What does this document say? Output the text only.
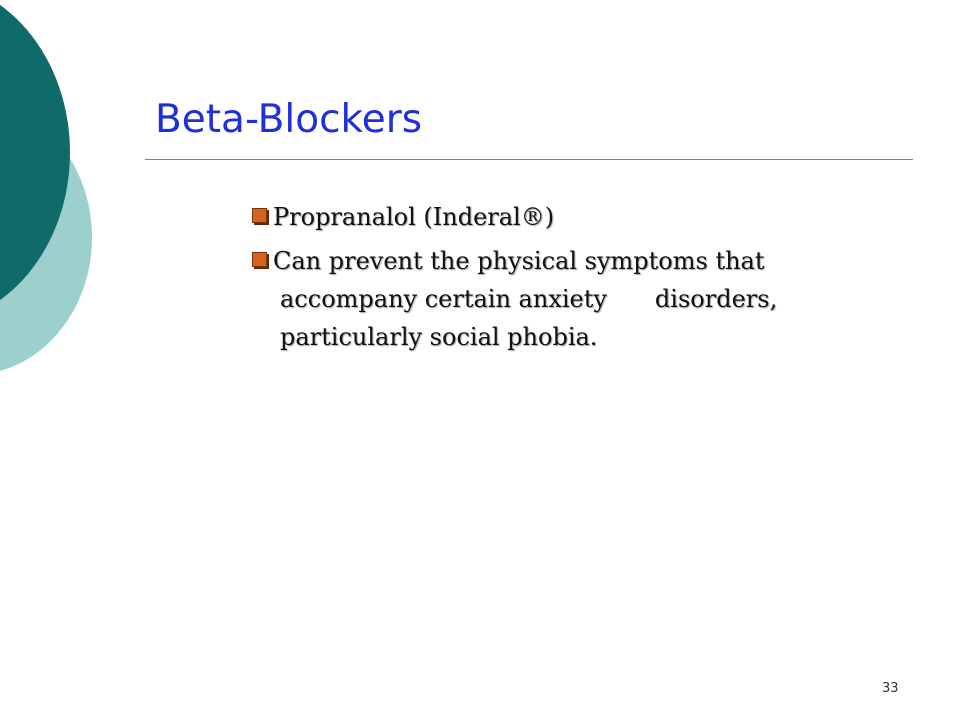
Beta-Blockers
Propranalol (Inderal®)
Can prevent the physical symptoms that accompany certain anxiety  disorders, particularly social phobia.
33
